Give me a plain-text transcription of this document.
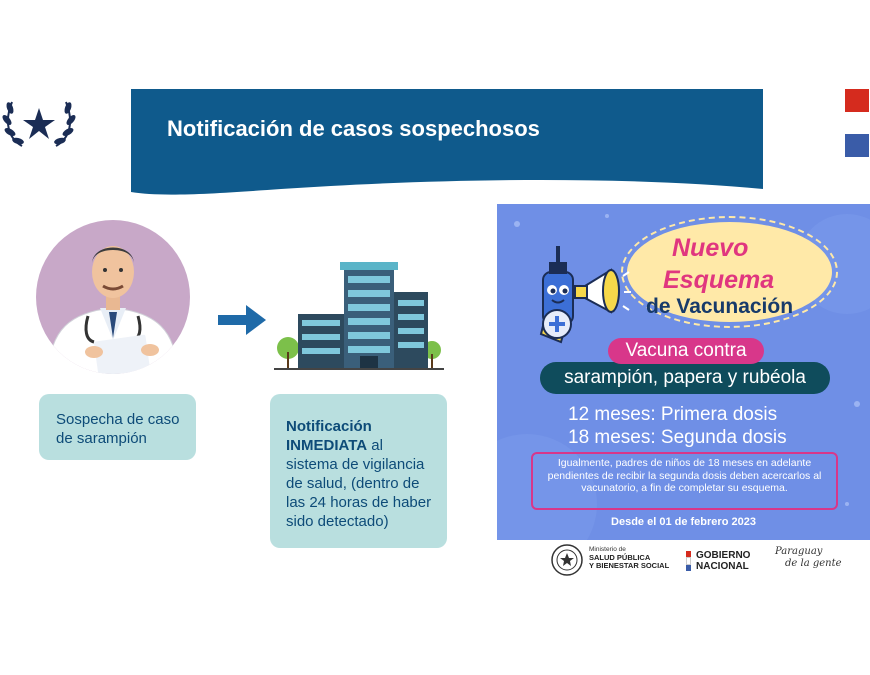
Notificación de casos sospechosos
Sospecha de caso de sarampión
Notificación INMEDIATA al sistema de vigilancia de salud, (dentro de las 24 horas de haber sido detectado)
Nuevo
Esquema
de Vacunación
sarampión, papera y rubéola
Vacuna contra
12 meses: Primera dosis
18 meses: Segunda dosis
Igualmente, padres de niños de 18 meses en adelante pendientes de recibir la segunda dosis deben acercarlos al vacunatorio, a fin de completar su esquema.
Desde el 01 de febrero 2023
Ministerio de
SALUD PÚBLICA
Y BIENESTAR SOCIAL
GOBIERNO
NACIONAL
Paraguay
de la gente
